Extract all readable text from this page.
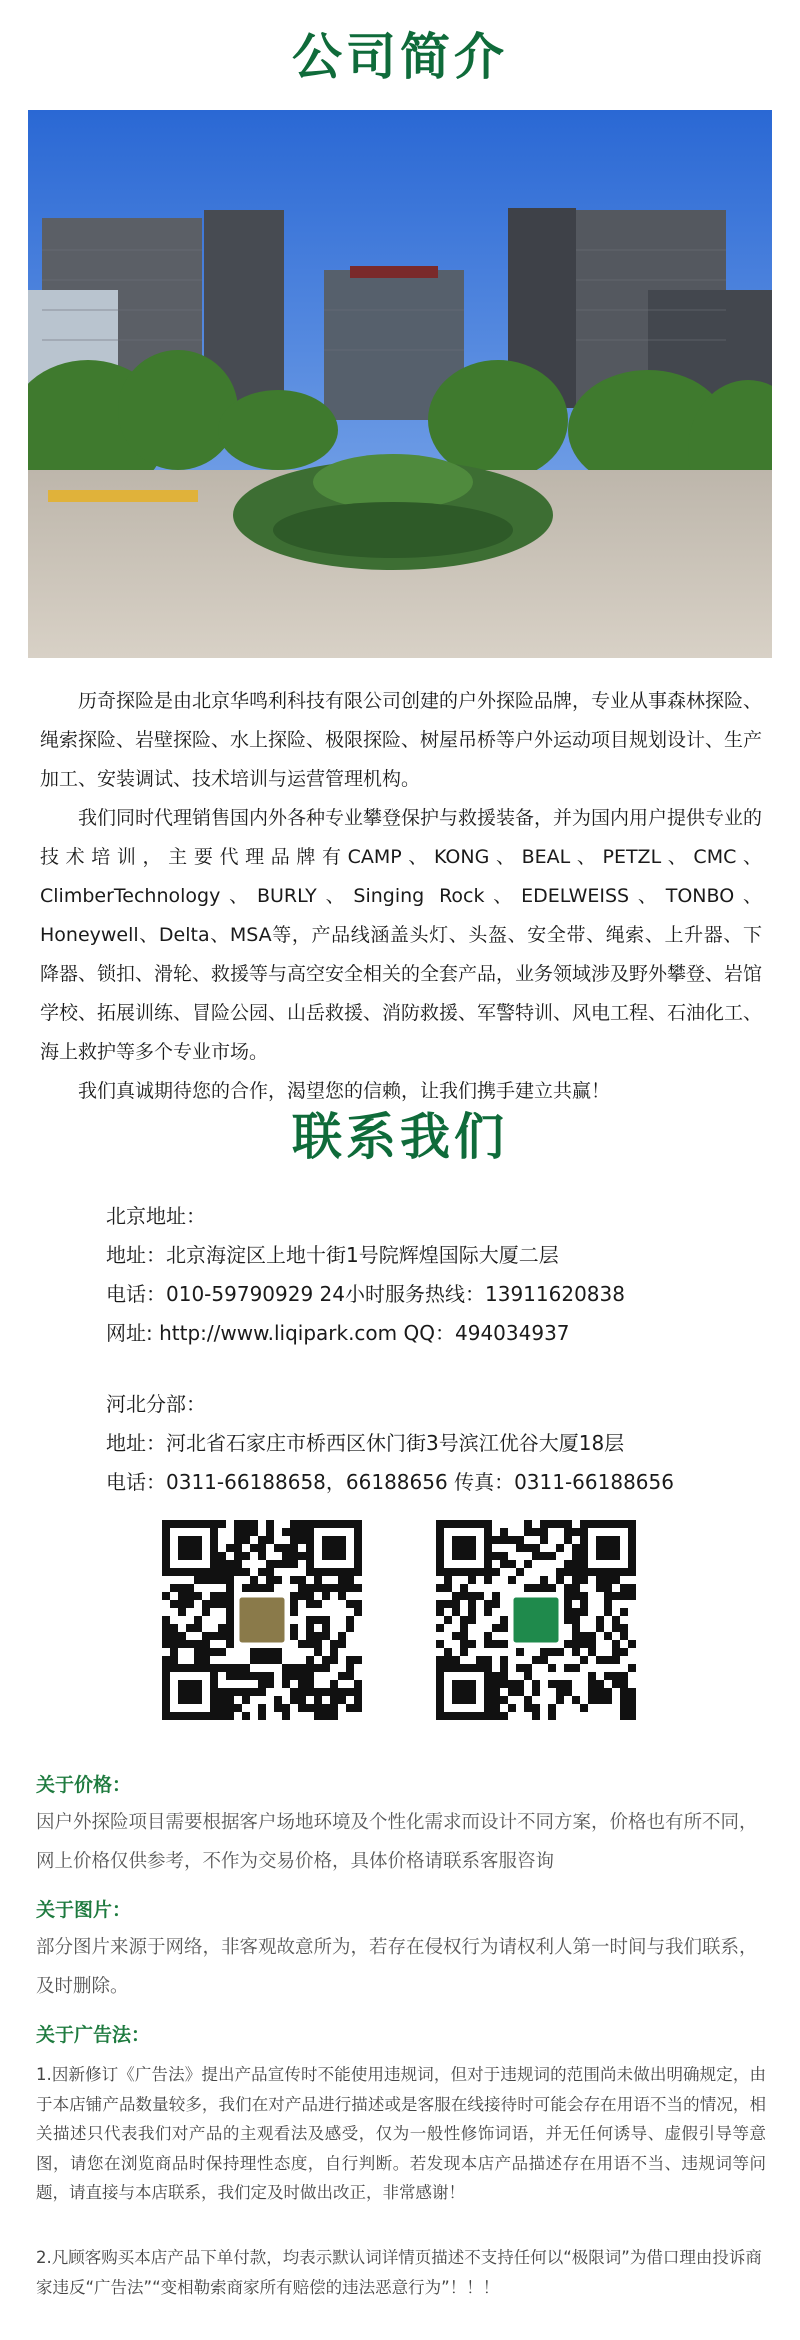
公司简介

历奇探险是由北京华鸣利科技有限公司创建的户外探险品牌，专业从事森林探险、绳索探险、岩壁探险、水上探险、极限探险、树屋吊桥等户外运动项目规划设计、生产加工、安装调试、技术培训与运营管理机构。

我们同时代理销售国内外各种专业攀登保护与救援装备，并为国内用户提供专业的技术培训，主要代理品牌有CAMP、KONG、BEAL、PETZL、CMC、ClimberTechnology、BURLY、Singing Rock、EDELWEISS、TONBO、Honeywell、Delta、MSA等，产品线涵盖头灯、头盔、安全带、绳索、上升器、下降器、锁扣、滑轮、救援等与高空安全相关的全套产品，业务领域涉及野外攀登、岩馆学校、拓展训练、冒险公园、山岳救援、消防救援、军警特训、风电工程、石油化工、海上救护等多个专业市场。

我们真诚期待您的合作，渴望您的信赖，让我们携手建立共赢！

联系我们
北京地址：
地址：北京海淀区上地十街1号院辉煌国际大厦二层
电话：010-59790929 24小时服务热线：13911620838
网址: http://www.liqipark.com QQ：494034937
河北分部：
地址：河北省石家庄市桥西区休门街3号滨江优谷大厦18层
电话：0311-66188658，66188656 传真：0311-66188656
关于价格：
因户外探险项目需要根据客户场地环境及个性化需求而设计不同方案，价格也有所不同，网上价格仅供参考，不作为交易价格，具体价格请联系客服咨询
关于图片：
部分图片来源于网络，非客观故意所为，若存在侵权行为请权利人第一时间与我们联系，及时删除。
关于广告法：
1.因新修订《广告法》提出产品宣传时不能使用违规词，但对于违规词的范围尚未做出明确规定，由于本店铺产品数量较多，我们在对产品进行描述或是客服在线接待时可能会存在用语不当的情况，相关描述只代表我们对产品的主观看法及感受，仅为一般性修饰词语，并无任何诱导、虚假引导等意图，请您在浏览商品时保持理性态度，自行判断。若发现本店产品描述存在用语不当、违规词等问题，请直接与本店联系，我们定及时做出改正，非常感谢！
2.凡顾客购买本店产品下单付款，均表示默认词详情页描述不支持任何以“极限词”为借口理由投诉商家违反“广告法”“变相勒索商家所有赔偿的违法恶意行为”！！！
